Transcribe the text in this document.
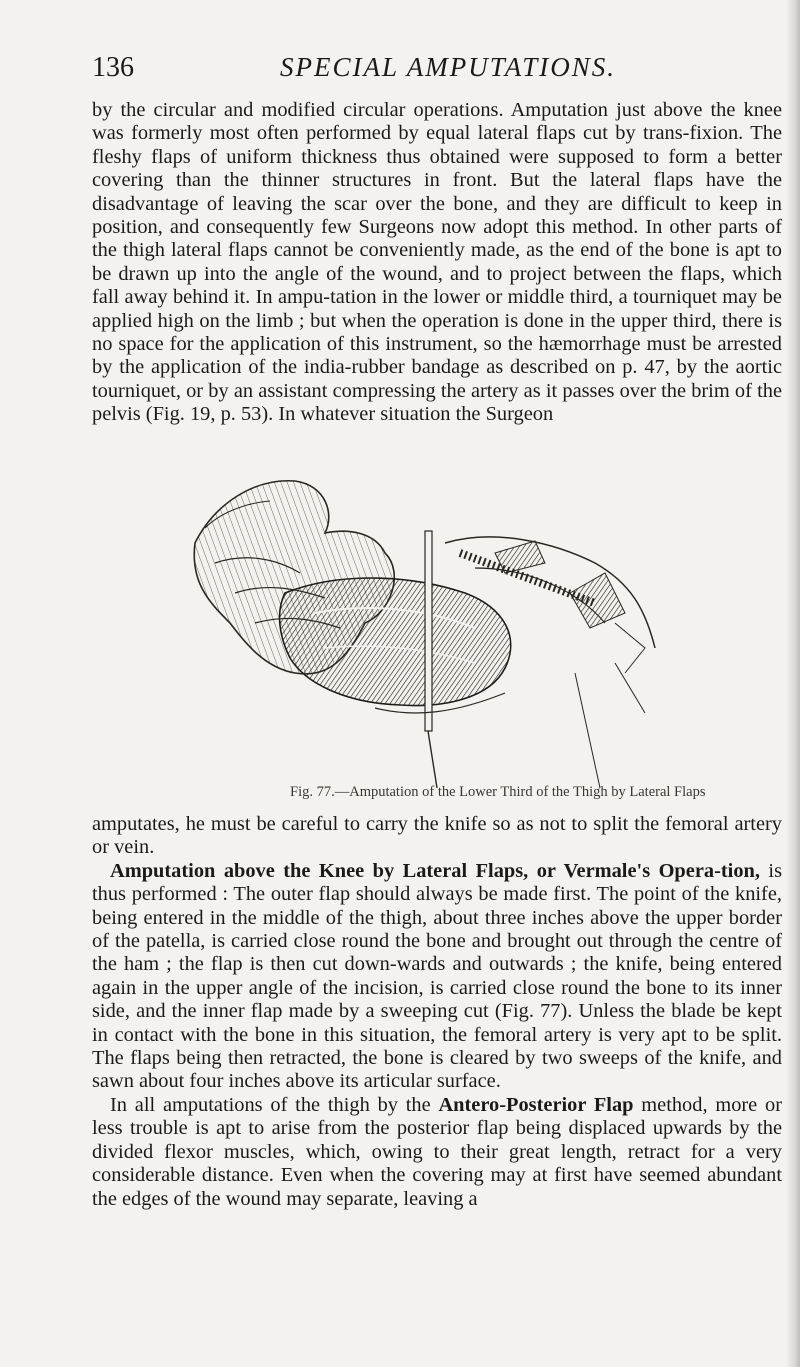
136	SPECIAL AMPUTATIONS.

by the circular and modified circular operations. Amputation just above the knee was formerly most often performed by equal lateral flaps cut by trans-fixion. The fleshy flaps of uniform thickness thus obtained were supposed to form a better covering than the thinner structures in front. But the lateral flaps have the disadvantage of leaving the scar over the bone, and they are difficult to keep in position, and consequently few Surgeons now adopt this method. In other parts of the thigh lateral flaps cannot be conveniently made, as the end of the bone is apt to be drawn up into the angle of the wound, and to project between the flaps, which fall away behind it. In ampu-tation in the lower or middle third, a tourniquet may be applied high on the limb ; but when the operation is done in the upper third, there is no space for the application of this instrument, so the hæmorrhage must be arrested by the application of the india-rubber bandage as described on p. 47, by the aortic tourniquet, or by an assistant compressing the artery as it passes over the brim of the pelvis (Fig. 19, p. 53). In whatever situation the Surgeon

Fig. 77.—Amputation of the Lower Third of the Thigh by Lateral Flaps

amputates, he must be careful to carry the knife so as not to split the femoral artery or vein.

Amputation above the Knee by Lateral Flaps, or Vermale's Opera-tion, is thus performed : The outer flap should always be made first. The point of the knife, being entered in the middle of the thigh, about three inches above the upper border of the patella, is carried close round the bone and brought out through the centre of the ham ; the flap is then cut down-wards and outwards ; the knife, being entered again in the upper angle of the incision, is carried close round the bone to its inner side, and the inner flap made by a sweeping cut (Fig. 77). Unless the blade be kept in contact with the bone in this situation, the femoral artery is very apt to be split. The flaps being then retracted, the bone is cleared by two sweeps of the knife, and sawn about four inches above its articular surface.

In all amputations of the thigh by the Antero-Posterior Flap method, more or less trouble is apt to arise from the posterior flap being displaced upwards by the divided flexor muscles, which, owing to their great length, retract for a very considerable distance. Even when the covering may at first have seemed abundant the edges of the wound may separate, leaving a
